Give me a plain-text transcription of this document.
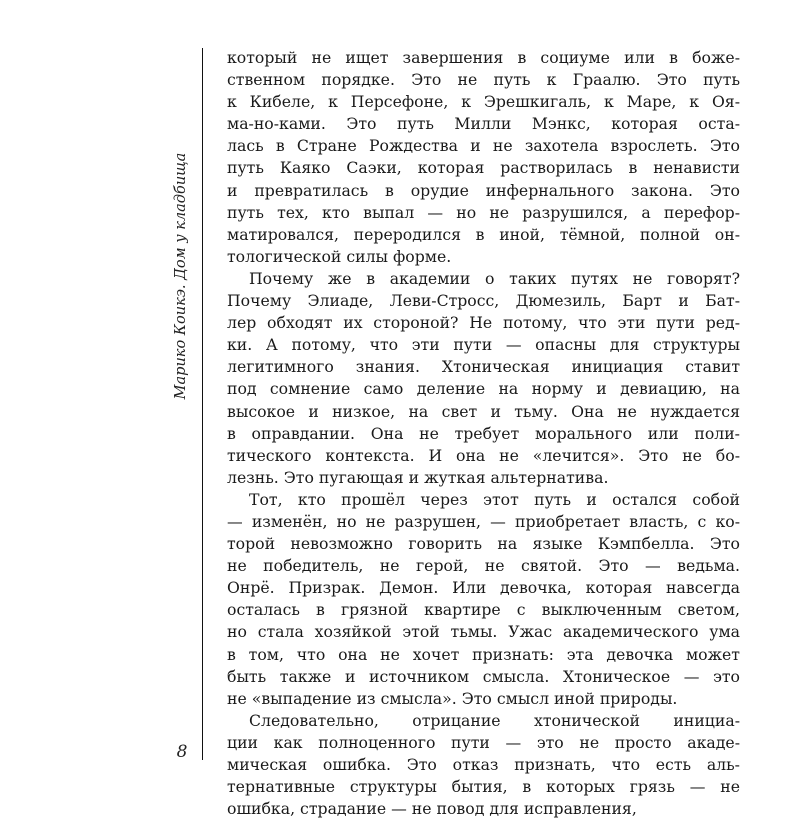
Марико Коикэ. Дом у кладбища
8

который не ищет завершения в социуме или в боже-
ственном порядке. Это не путь к Граалю. Это путь
к Кибеле, к Персефоне, к Эрешкигаль, к Маре, к Оя-
ма-но-ками. Это путь Милли Мэнкс, которая оста-
лась в Стране Рождества и не захотела взрослеть. Это
путь Каяко Саэки, которая растворилась в ненависти
и превратилась в орудие инфернального закона. Это
путь тех, кто выпал — но не разрушился, а перефор-
матировался, переродился в иной, тёмной, полной он-
тологической силы форме.

Почему же в академии о таких путях не говорят?
Почему Элиаде, Леви-Стросс, Дюмезиль, Барт и Бат-
лер обходят их стороной? Не потому, что эти пути ред-
ки. А потому, что эти пути — опасны для структуры
легитимного знания. Хтоническая инициация ставит
под сомнение само деление на норму и девиацию, на
высокое и низкое, на свет и тьму. Она не нуждается
в оправдании. Она не требует морального или поли-
тического контекста. И она не «лечится». Это не бо-
лезнь. Это пугающая и жуткая альтернатива.

Тот, кто прошёл через этот путь и остался собой
— изменён, но не разрушен, — приобретает власть, с ко-
торой невозможно говорить на языке Кэмпбелла. Это
не победитель, не герой, не святой. Это — ведьма.
Онрё. Призрак. Демон. Или девочка, которая навсегда
осталась в грязной квартире с выключенным светом,
но стала хозяйкой этой тьмы. Ужас академического ума
в том, что она не хочет признать: эта девочка может
быть также и источником смысла. Хтоническое — это
не «выпадение из смысла». Это смысл иной природы.

Следовательно, отрицание хтонической инициа-
ции как полноценного пути — это не просто акаде-
мическая ошибка. Это отказ признать, что есть аль-
тернативные структуры бытия, в которых грязь — не
ошибка, страдание — не повод для исправления,
